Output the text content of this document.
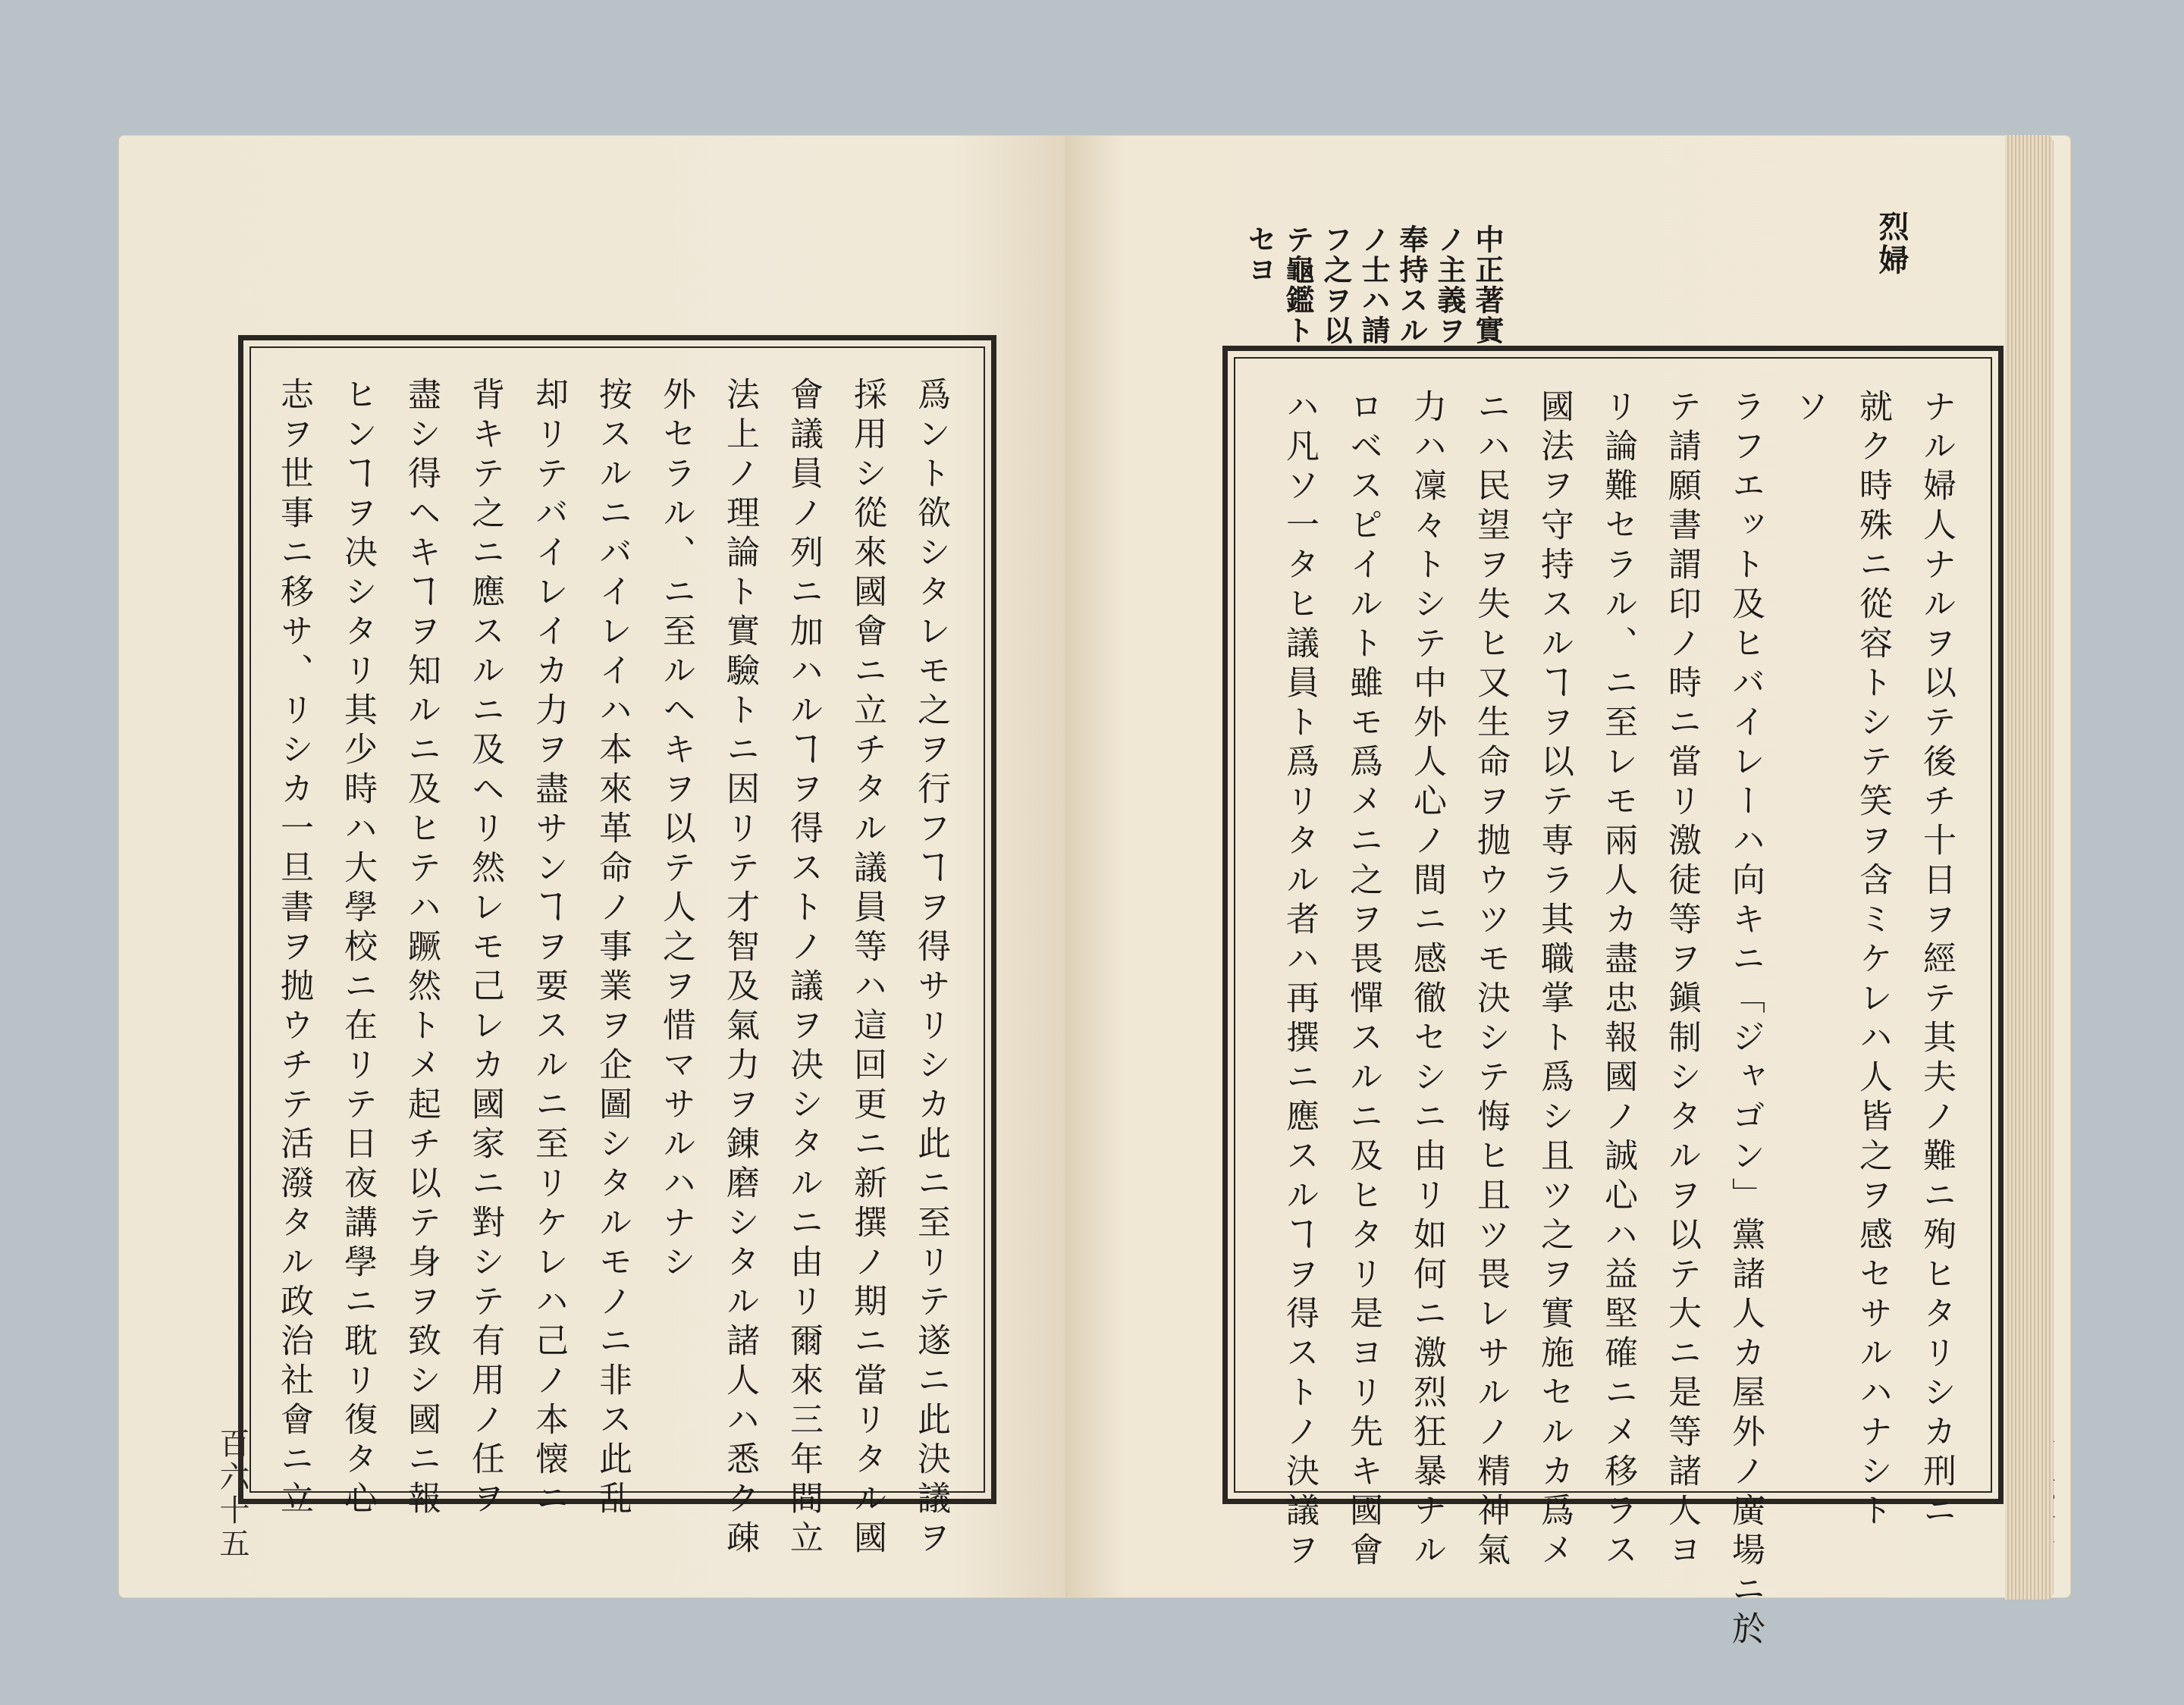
爲ント欲シタレモ之ヲ行フヿヲ得サリシカ此ニ至リテ遂ニ此決議ヲ

採用シ從來國會ニ立チタル議員等ハ這回更ニ新撰ノ期ニ當リタル國

會議員ノ列ニ加ハルヿヲ得ストノ議ヲ决シタルニ由リ爾來三年間立

法上ノ理論ト實驗トニ因リテ才智及氣力ヲ錬磨シタル諸人ハ悉ク疎

外セラル、ニ至ルヘキヲ以テ人之ヲ惜マサルハナシ

按スルニバイレイハ本來革命ノ事業ヲ企圖シタルモノニ非ス此乱

却リテバイレイカ力ヲ盡サンヿヲ要スルニ至リケレハ己ノ本懐ニ

背キテ之ニ應スルニ及ヘリ然レモ己レカ國家ニ對シテ有用ノ任ヲ

盡シ得ヘキヿヲ知ルニ及ヒテハ蹶然トメ起チ以テ身ヲ致シ國ニ報

ヒンヿヲ决シタリ其少時ハ大學校ニ在リテ日夜講學ニ耽リ復タ心

志ヲ世事ニ移サ、リシカ一旦書ヲ抛ウチテ活潑タル政治社會ニ立

百六十五
烈婦

中正著實

ノ主義ヲ

奉持スル

ノ士ハ請

フ之ヲ以

テ龜鑑ト

セヨ

ナル婦人ナルヲ以テ後チ十日ヲ經テ其夫ノ難ニ殉ヒタリシカ刑ニ

就ク時殊ニ從容トシテ笑ヲ含ミケレハ人皆之ヲ感セサルハナシト

ソ

ラフエット及ヒバイレーハ向キニ「ジャゴン」黨諸人カ屋外ノ廣場ニ於

テ請願書謂印ノ時ニ當リ激徒等ヲ鎭制シタルヲ以テ大ニ是等諸人ヨ

リ論難セラル、ニ至レモ兩人カ盡忠報國ノ誠心ハ益堅確ニメ移ラス

國法ヲ守持スルヿヲ以テ専ラ其職掌ト爲シ且ツ之ヲ實施セルカ爲メ

ニハ民望ヲ失ヒ又生命ヲ抛ウツモ決シテ悔ヒ且ツ畏レサルノ精神氣

力ハ凜々トシテ中外人心ノ間ニ感徹セシニ由リ如何ニ激烈狂暴ナル

ロベスピイルト雖モ爲メニ之ヲ畏憚スルニ及ヒタリ是ヨリ先キ國會

ハ凡ソ一タヒ議員ト爲リタル者ハ再撰ニ應スルヿヲ得ストノ決議ヲ
